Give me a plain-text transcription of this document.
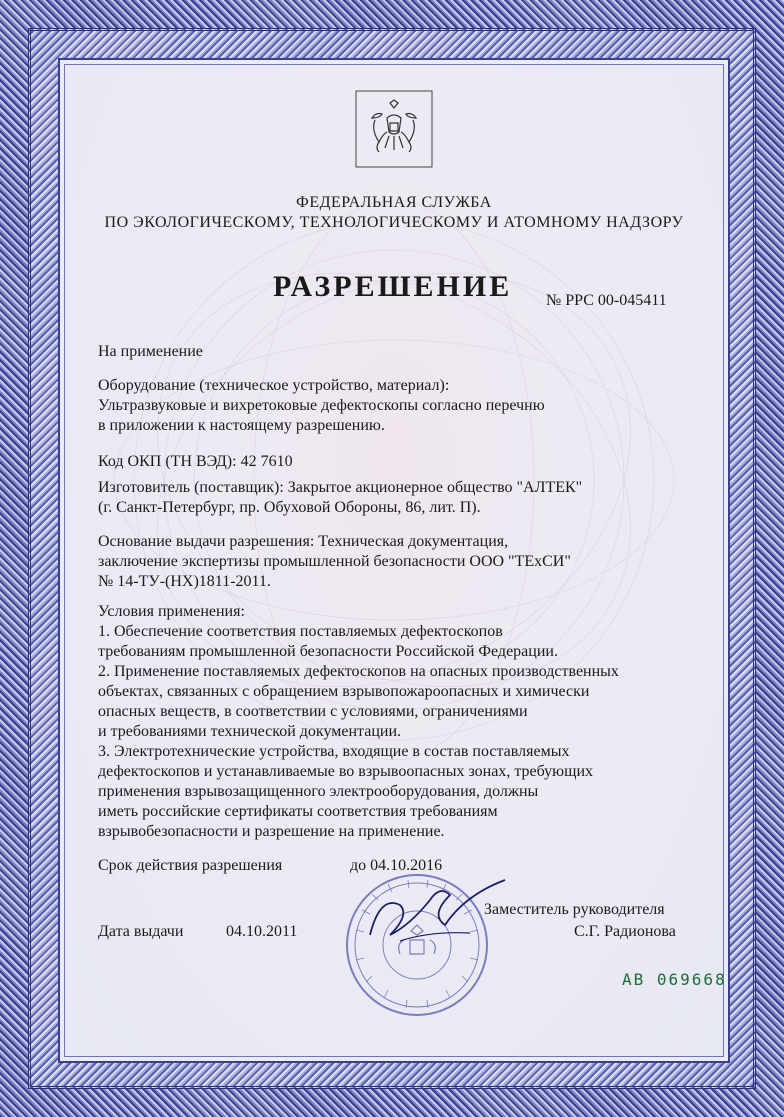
ФЕДЕРАЛЬНАЯ СЛУЖБА
ПО ЭКОЛОГИЧЕСКОМУ, ТЕХНОЛОГИЧЕСКОМУ И АТОМНОМУ НАДЗОРУ
РАЗРЕШЕНИЕ № РРС 00-045411
На применение
Оборудование (техническое устройство, материал):
Ультразвуковые и вихретоковые дефектоскопы согласно перечню
в приложении к настоящему разрешению.
Код ОКП (ТН ВЭД): 42 7610
Изготовитель (поставщик): Закрытое акционерное общество "АЛТЕК"
(г. Санкт-Петербург, пр. Обуховой Обороны, 86, лит. П).
Основание выдачи разрешения: Техническая документация,
заключение экспертизы промышленной безопасности ООО "ТЕхСИ"
№ 14-ТУ-(НХ)1811-2011.
Условия применения:
1. Обеспечение соответствия поставляемых дефектоскопов
требованиям промышленной безопасности Российской Федерации.
2. Применение поставляемых дефектоскопов на опасных производственных
объектах, связанных с обращением взрывопожароопасных и химически
опасных веществ, в соответствии с условиями, ограничениями
и требованиями технической документации.
3. Электротехнические устройства, входящие в состав поставляемых
дефектоскопов и устанавливаемые во взрывоопасных зонах, требующих
применения взрывозащищенного электрооборудования, должны
иметь российские сертификаты соответствия требованиям
взрывобезопасности и разрешение на применение.
Срок действия разрешения	до 04.10.2016
Дата выдачи	04.10.2011
Заместитель руководителя
С.Г. Радионова
АВ 069668
